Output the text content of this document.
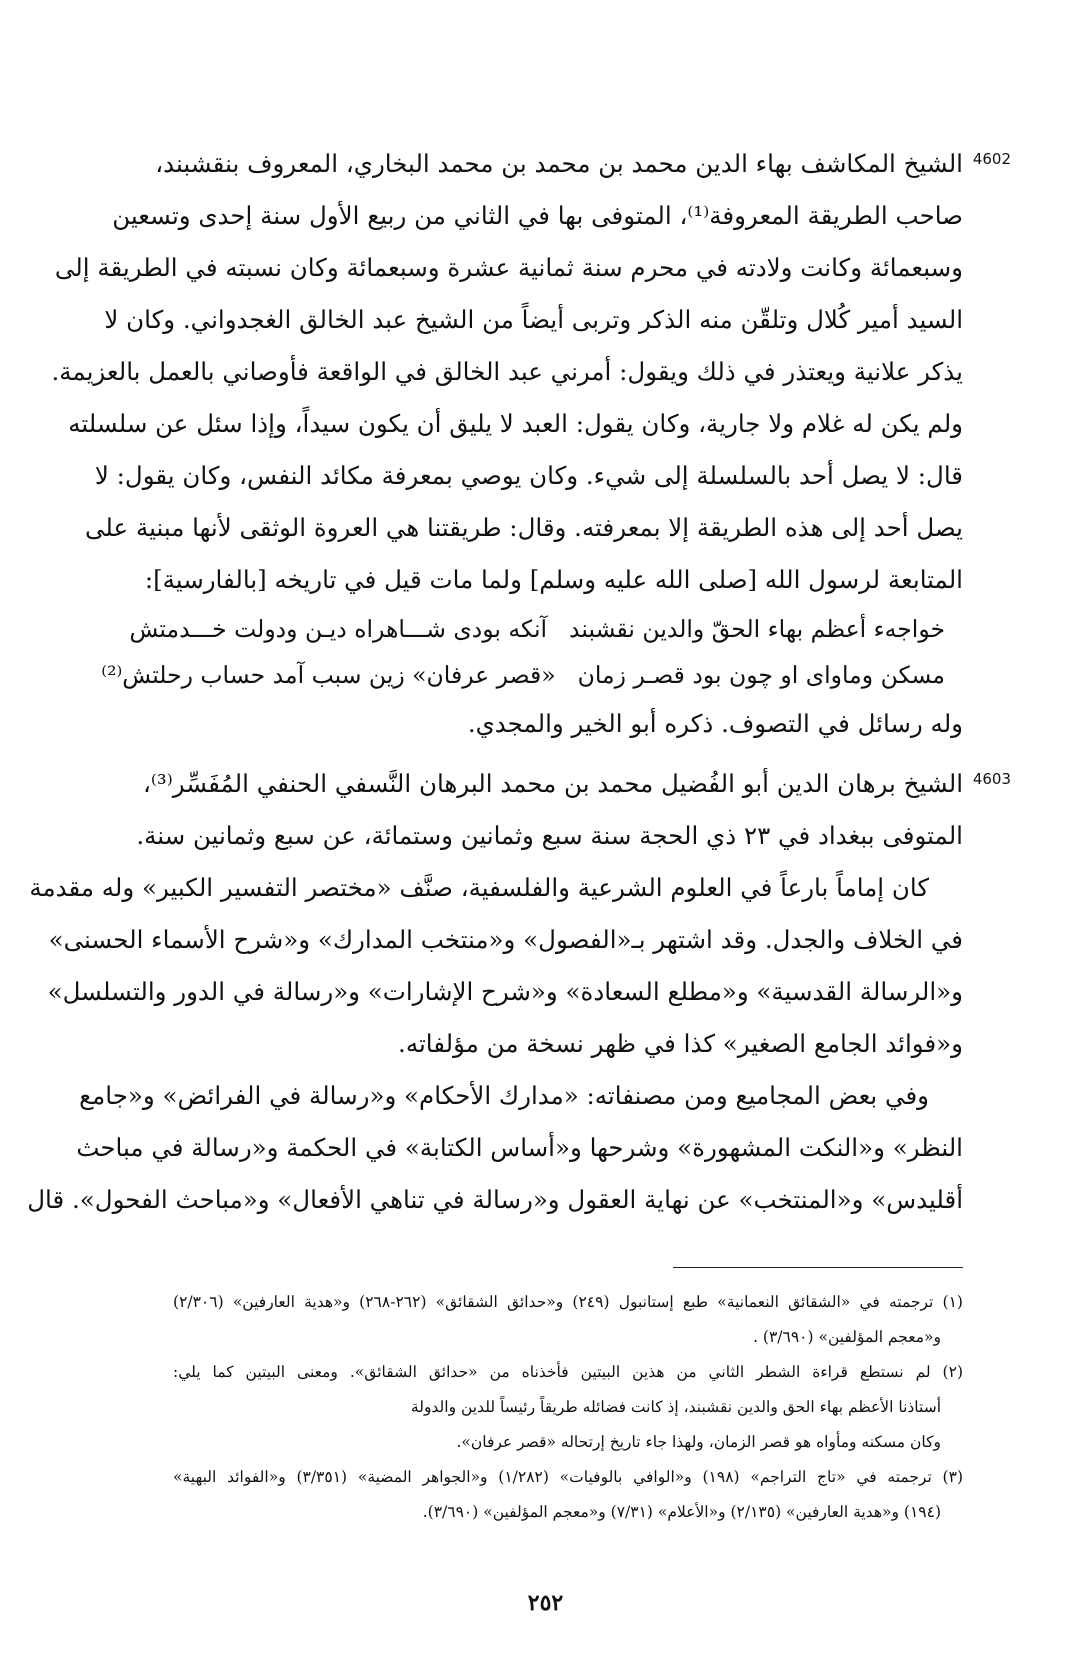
4602
الشيخ المكاشف بهاء الدين محمد بن محمد بن محمد البخاري، المعروف بنقشبند،
صاحب الطريقة المعروفة⁽¹⁾، المتوفى بها في الثاني من ربيع الأول سنة إحدى وتسعين
وسبعمائة وكانت ولادته في محرم سنة ثمانية عشرة وسبعمائة وكان نسبته في الطريقة إلى
السيد أمير كُلال وتلقّن منه الذكر وتربى أيضاً من الشيخ عبد الخالق الغجدواني. وكان لا
يذكر علانية ويعتذر في ذلك ويقول: أمرني عبد الخالق في الواقعة فأوصاني بالعمل بالعزيمة.
ولم يكن له غلام ولا جارية، وكان يقول: العبد لا يليق أن يكون سيداً، وإذا سئل عن سلسلته
قال: لا يصل أحد بالسلسلة إلى شيء. وكان يوصي بمعرفة مكائد النفس، وكان يقول: لا
يصل أحد إلى هذه الطريقة إلا بمعرفته. وقال: طريقتنا هي العروة الوثقى لأنها مبنية على
المتابعة لرسول الله [صلى الله عليه وسلم] ولما مات قيل في تاريخه [بالفارسية]:
خواجهء أعظم بهاء الحقّ والدين نقشبندآنكه بودى شـــاهراه ديـن ودولت خـــدمتش
مسكن وماواى او چون بود قصـر زمان«قصر عرفان» زين سبب آمد حساب رحلتش⁽²⁾
وله رسائل في التصوف. ذكره أبو الخير والمجدي.
4603
الشيخ برهان الدين أبو الفُضيل محمد بن محمد البرهان النَّسفي الحنفي المُفَسِّر⁽³⁾،
المتوفى ببغداد في ٢٣ ذي الحجة سنة سبع وثمانين وستمائة، عن سبع وثمانين سنة.
كان إماماً بارعاً في العلوم الشرعية والفلسفية، صنَّف «مختصر التفسير الكبير» وله مقدمة
في الخلاف والجدل. وقد اشتهر بـ«الفصول» و«منتخب المدارك» و«شرح الأسماء الحسنى»
و«الرسالة القدسية» و«مطلع السعادة» و«شرح الإشارات» و«رسالة في الدور والتسلسل»
و«فوائد الجامع الصغير» كذا في ظهر نسخة من مؤلفاته.
وفي بعض المجاميع ومن مصنفاته: «مدارك الأحكام» و«رسالة في الفرائض» و«جامع
النظر» و«النكت المشهورة» وشرحها و«أساس الكتابة» في الحكمة و«رسالة في مباحث
أقليدس» و«المنتخب» عن نهاية العقول و«رسالة في تناهي الأفعال» و«مباحث الفحول». قال
(١) ترجمته في «الشقائق النعمانية» طبع إستانبول (٢٤٩) و«حدائق الشقائق» (٢٦٢-٢٦٨) و«هدية العارفين» (٢/٣٠٦)
و«معجم المؤلفين» (٣/٦٩٠) .
(٢) لم نستطع قراءة الشطر الثاني من هذين البيتين فأخذناه من «حدائق الشقائق». ومعنى البيتين كما يلي:
أستاذنا الأعظم بهاء الحق والدين نقشبند، إذ كانت فضائله طريقاً رئيساً للدين والدولة
وكان مسكنه ومأواه هو قصر الزمان، ولهذا جاء تاريخ إرتحاله «قصر عرفان».
(٣) ترجمته في «تاج التراجم» (١٩٨) و«الوافي بالوفيات» (١/٢٨٢) و«الجواهر المضية» (٣/٣٥١) و«الفوائد البهية»
(١٩٤) و«هدية العارفين» (٢/١٣٥) و«الأعلام» (٧/٣١) و«معجم المؤلفين» (٣/٦٩٠).
٢٥٢
